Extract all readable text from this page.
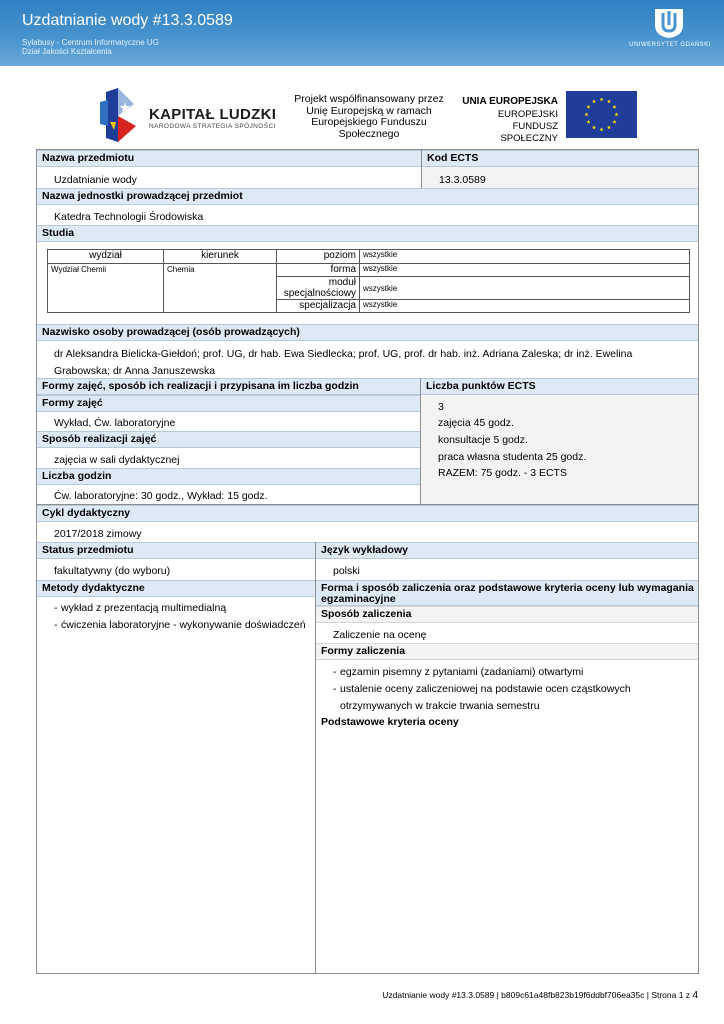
Uzdatnianie wody #13.3.0589
Sylabusy - Centrum Informatyczne UG
Dział Jakości Kształcenia
UNIWERSYTET GDAŃSKI
KAPITAŁ LUDZKI
NARODOWA STRATEGIA SPÓJNOŚCI
Projekt współfinansowany przez Unię Europejską w ramach Europejskiego Funduszu Społecznego
UNIA EUROPEJSKA
EUROPEJSKI
FUNDUSZ SPOŁECZNY
Nazwa przedmiotu	Kod ECTS
Uzdatnianie wody	13.3.0589
Nazwa jednostki prowadzącej przedmiot
Katedra Technologii Środowiska
Studia
wydział	kierunek	poziom	wszystkie
Wydział Chemii	Chemia	forma	wszystkie
		moduł specjalnościowy	wszystkie
		specjalizacja	wszystkie
Nazwisko osoby prowadzącej (osób prowadzących)
dr Aleksandra Bielicka-Giełdoń; prof. UG, dr hab. Ewa Siedlecka; prof. UG, prof. dr hab. inż. Adriana Zaleska; dr inż. Ewelina Grabowska; dr Anna Januszewska
Formy zajęć, sposób ich realizacji i przypisana im liczba godzin	Liczba punktów ECTS
Formy zajęć
Wykład, Ćw. laboratoryjne
Sposób realizacji zajęć
zajęcia w sali dydaktycznej
Liczba godzin
Ćw. laboratoryjne: 30 godz., Wykład: 15 godz.
3
zajęcia 45 godz.
konsultacje 5 godz.
praca własna studenta 25 godz.
RAZEM: 75 godz. - 3 ECTS
Cykl dydaktyczny
2017/2018 zimowy
Status przedmiotu	Język wykładowy
fakultatywny (do wyboru)	polski
Metody dydaktyczne
- wykład z prezentacją multimedialną
- ćwiczenia laboratoryjne - wykonywanie doświadczeń
Forma i sposób zaliczenia oraz podstawowe kryteria oceny lub wymagania egzaminacyjne
Sposób zaliczenia
Zaliczenie na ocenę
Formy zaliczenia
- egzamin pisemny z pytaniami (zadaniami) otwartymi
- ustalenie oceny zaliczeniowej na podstawie ocen cząstkowych otrzymywanych w trakcie trwania semestru
Podstawowe kryteria oceny
Uzdatnianie wody #13.3.0589 | b809c61a48fb823b19f6ddbf706ea35c | Strona 1 z 4
